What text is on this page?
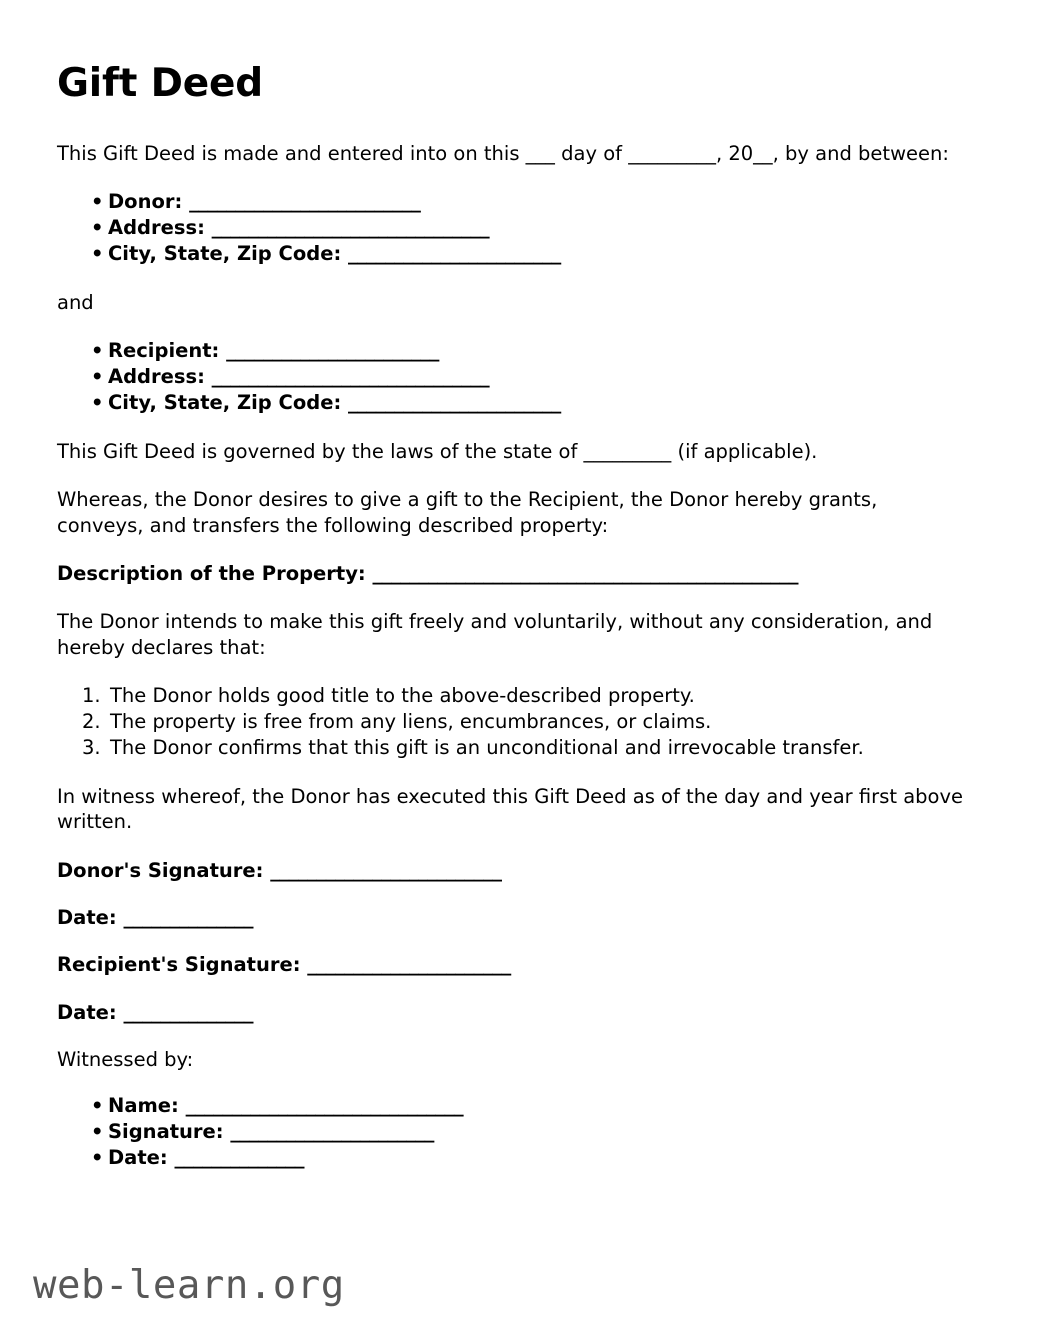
Gift Deed

This Gift Deed is made and entered into on this ___ day of _________, 20__, by and between:

• Donor: _________________________
• Address: ______________________________
• City, State, Zip Code: _______________________

and

• Recipient: _______________________
• Address: ______________________________
• City, State, Zip Code: _______________________

This Gift Deed is governed by the laws of the state of _________ (if applicable).

Whereas, the Donor desires to give a gift to the Recipient, the Donor hereby grants, conveys, and transfers the following described property:

Description of the Property: ______________________________________________

The Donor intends to make this gift freely and voluntarily, without any consideration, and hereby declares that:

The Donor holds good title to the above-described property.
The property is free from any liens, encumbrances, or claims.
The Donor confirms that this gift is an unconditional and irrevocable transfer.

In witness whereof, the Donor has executed this Gift Deed as of the day and year first above written.

Donor's Signature: _________________________

Date: ______________

Recipient's Signature: ______________________

Date: ______________

Witnessed by:

• Name: ______________________________
• Signature: ______________________
• Date: ______________
web-learn.org
